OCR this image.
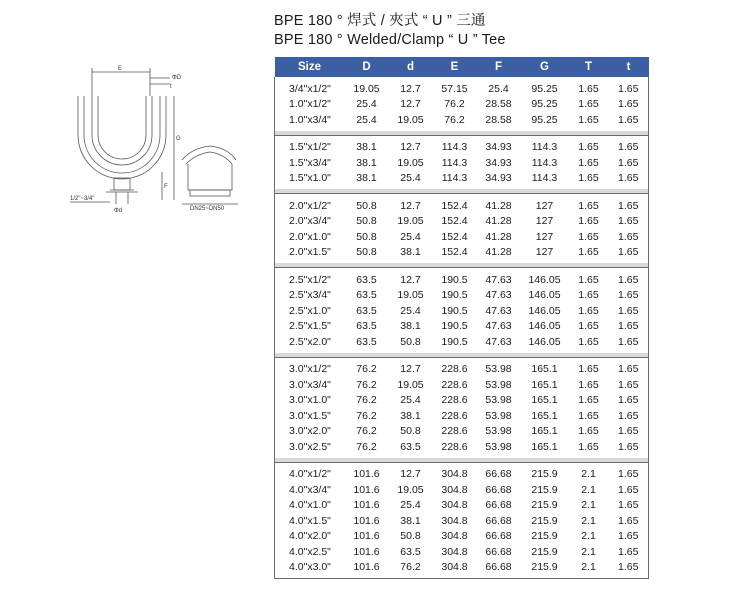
BPE 180 ° 焊式 / 夾式 “ U ” 三通
BPE 180 ° Welded/Clamp “ U ” Tee
E
ΦD
t
G
F
Φd
1/2"~3/4"
DN25~DN50
Size	D	d	E	F	G	T	t

3/4"x1/2"	19.05	12.7	57.15	25.4	95.25	1.65	1.65
1.0"x1/2"	25.4	12.7	76.2	28.58	95.25	1.65	1.65
1.0"x3/4"	25.4	19.05	76.2	28.58	95.25	1.65	1.65

1.5"x1/2"	38.1	12.7	114.3	34.93	114.3	1.65	1.65
1.5"x3/4"	38.1	19.05	114.3	34.93	114.3	1.65	1.65
1.5"x1.0"	38.1	25.4	114.3	34.93	114.3	1.65	1.65

2.0"x1/2"	50.8	12.7	152.4	41.28	127	1.65	1.65
2.0"x3/4"	50.8	19.05	152.4	41.28	127	1.65	1.65
2.0"x1.0"	50.8	25.4	152.4	41.28	127	1.65	1.65
2.0"x1.5"	50.8	38.1	152.4	41.28	127	1.65	1.65

2.5"x1/2"	63.5	12.7	190.5	47.63	146.05	1.65	1.65
2.5"x3/4"	63.5	19.05	190.5	47.63	146.05	1.65	1.65
2.5"x1.0"	63.5	25.4	190.5	47.63	146.05	1.65	1.65
2.5"x1.5"	63.5	38.1	190.5	47.63	146.05	1.65	1.65
2.5"x2.0"	63.5	50.8	190.5	47.63	146.05	1.65	1.65

3.0"x1/2"	76.2	12.7	228.6	53.98	165.1	1.65	1.65
3.0"x3/4"	76.2	19.05	228.6	53.98	165.1	1.65	1.65
3.0"x1.0"	76.2	25.4	228.6	53.98	165.1	1.65	1.65
3.0"x1.5"	76.2	38.1	228.6	53.98	165.1	1.65	1.65
3.0"x2.0"	76.2	50.8	228.6	53.98	165.1	1.65	1.65
3.0"x2.5"	76.2	63.5	228.6	53.98	165.1	1.65	1.65

4.0"x1/2"	101.6	12.7	304.8	66.68	215.9	2.1	1.65
4.0"x3/4"	101.6	19.05	304.8	66.68	215.9	2.1	1.65
4.0"x1.0"	101.6	25.4	304.8	66.68	215.9	2.1	1.65
4.0"x1.5"	101.6	38.1	304.8	66.68	215.9	2.1	1.65
4.0"x2.0"	101.6	50.8	304.8	66.68	215.9	2.1	1.65
4.0"x2.5"	101.6	63.5	304.8	66.68	215.9	2.1	1.65
4.0"x3.0"	101.6	76.2	304.8	66.68	215.9	2.1	1.65
